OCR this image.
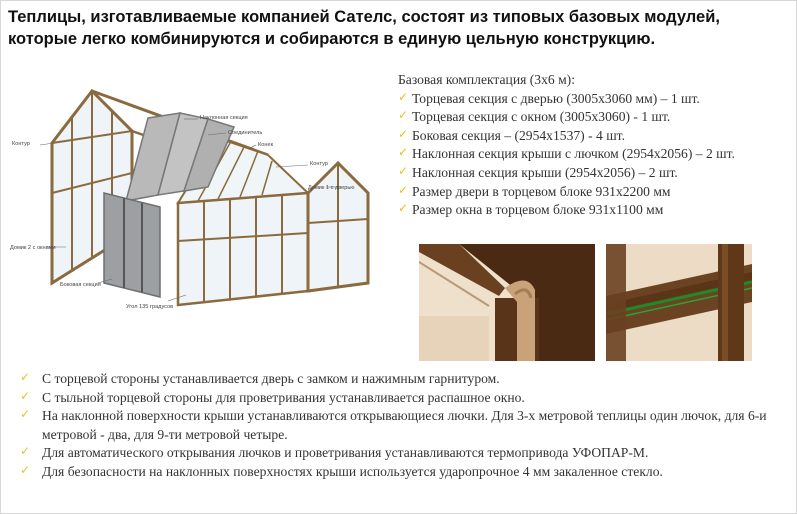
Теплицы, изготавливаемые компанией Сателс, состоят из типовых базовых модулей,
которые легко комбинируются и собираются в единую цельную конструкцию.
Наклонная секция
Соединитель
Конек
Контур
Домик 1 с дверью
Контур
Домик 2 с окнами
Боковая секция
Угол 135 градусов
Базовая комплектация (3х6 м):
✓ Торцевая секция с дверью (3005х3060 мм) – 1 шт.
✓ Торцевая секция с окном (3005х3060) - 1 шт.
✓ Боковая секция – (2954х1537) - 4 шт.
✓ Наклонная секция крыши с лючком (2954х2056) – 2 шт.
✓ Наклонная секция крыши (2954х2056) – 2 шт.
✓ Размер двери в торцевом блоке 931х2200 мм
✓ Размер окна в торцевом блоке 931х1100 мм
✓ С торцевой стороны устанавливается дверь с замком и нажимным гарнитуром.
✓ С тыльной торцевой стороны для проветривания устанавливается распашное окно.
✓ На наклонной поверхности крыши устанавливаются открывающиеся лючки. Для 3-х метровой теплицы один лючок, для 6-и метровой - два, для 9-ти метровой четыре.
✓ Для автоматического открывания лючков и проветривания устанавливаются термопривода УФОПАР-М.
✓ Для безопасности на наклонных поверхностях крыши используется ударопрочное 4 мм закаленное стекло.
